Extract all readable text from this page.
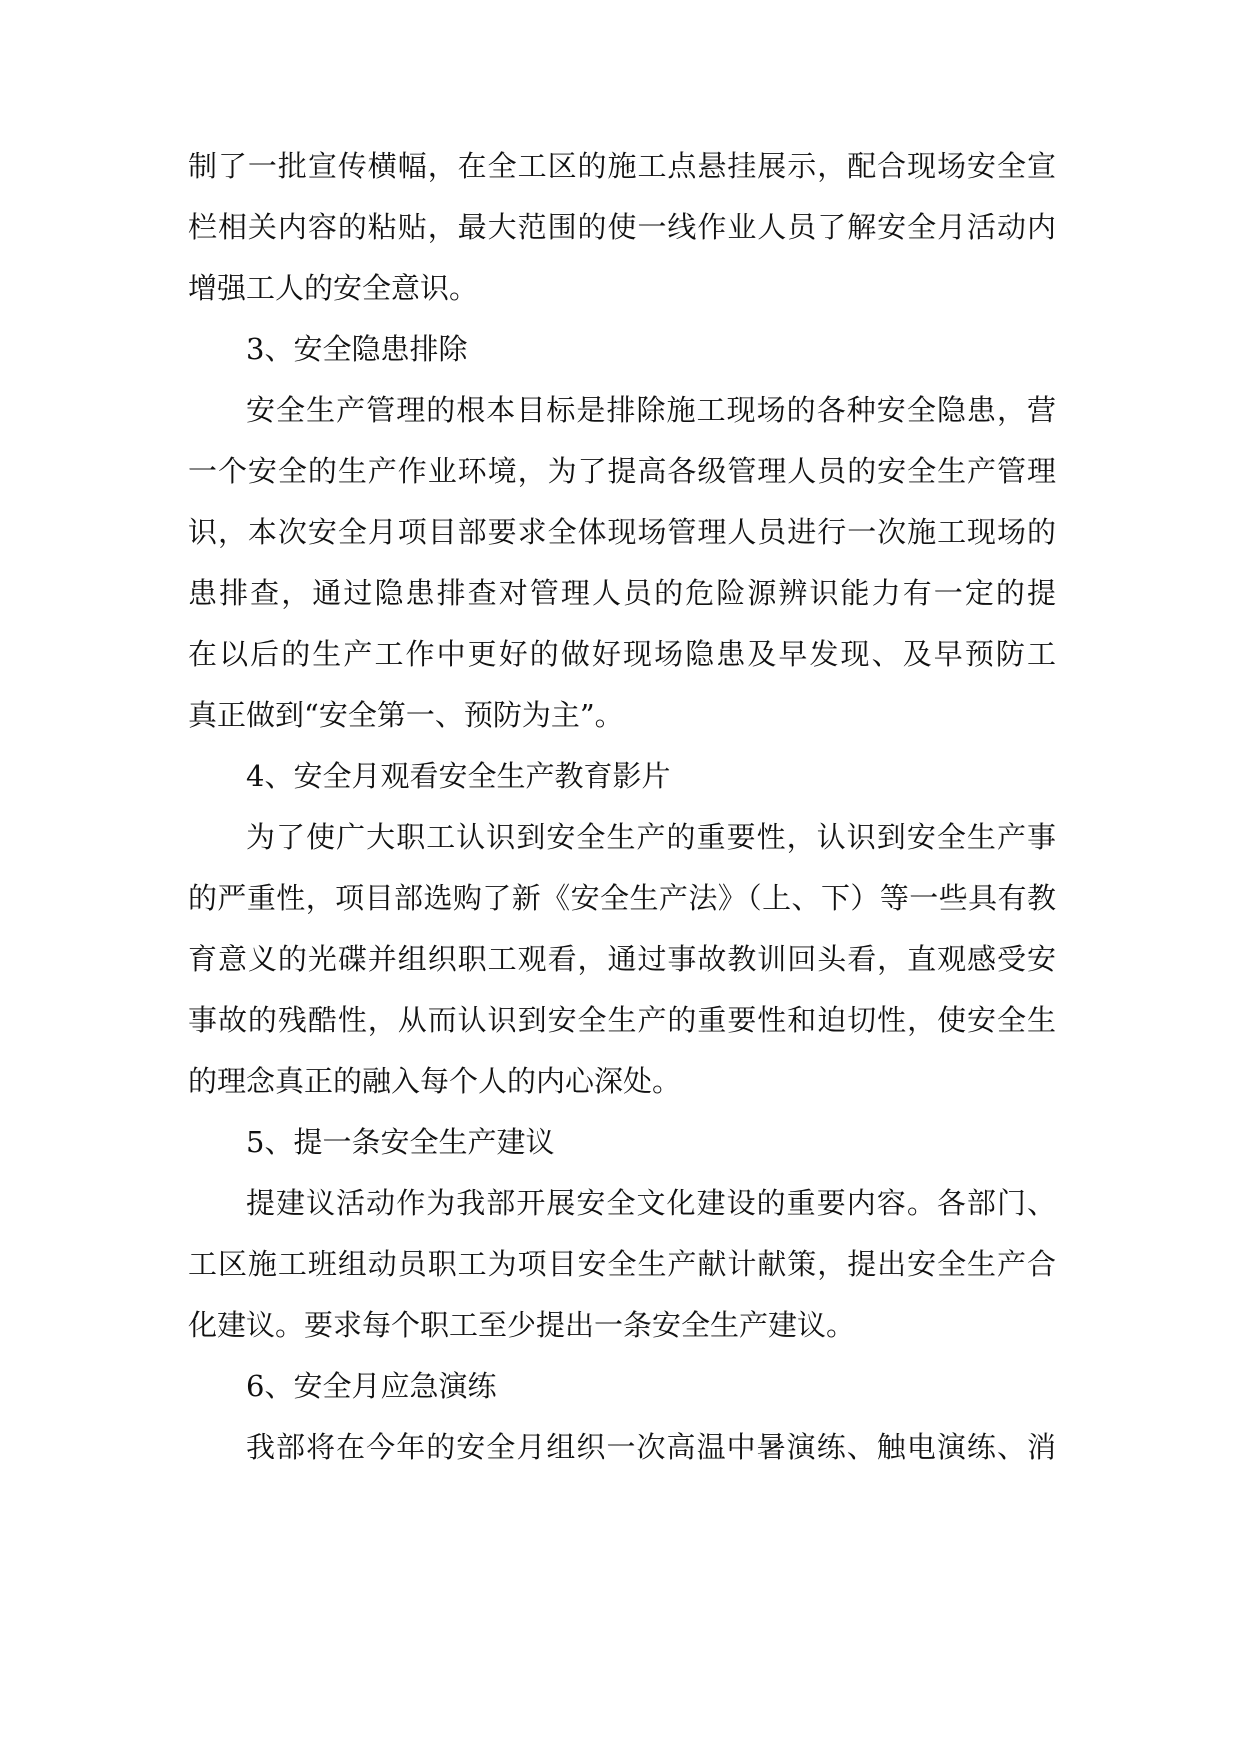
制了一批宣传横幅，在全工区的施工点悬挂展示，配合现场安全宣
栏相关内容的粘贴，最大范围的使一线作业人员了解安全月活动内
增强工人的安全意识。
3、安全隐患排除
安全生产管理的根本目标是排除施工现场的各种安全隐患，营
一个安全的生产作业环境，为了提高各级管理人员的安全生产管理
识，本次安全月项目部要求全体现场管理人员进行一次施工现场的
患排查，通过隐患排查对管理人员的危险源辨识能力有一定的提
在以后的生产工作中更好的做好现场隐患及早发现、及早预防工
真正做到“安全第一、预防为主”。
4、安全月观看安全生产教育影片
为了使广大职工认识到安全生产的重要性，认识到安全生产事
的严重性，项目部选购了新《安全生产法》（上、下）等一些具有教
育意义的光碟并组织职工观看，通过事故教训回头看，直观感受安
事故的残酷性，从而认识到安全生产的重要性和迫切性，使安全生
的理念真正的融入每个人的内心深处。
5、提一条安全生产建议
提建议活动作为我部开展安全文化建设的重要内容。各部门、
工区施工班组动员职工为项目安全生产献计献策，提出安全生产合
化建议。要求每个职工至少提出一条安全生产建议。
6、安全月应急演练
我部将在今年的安全月组织一次高温中暑演练、触电演练、消
